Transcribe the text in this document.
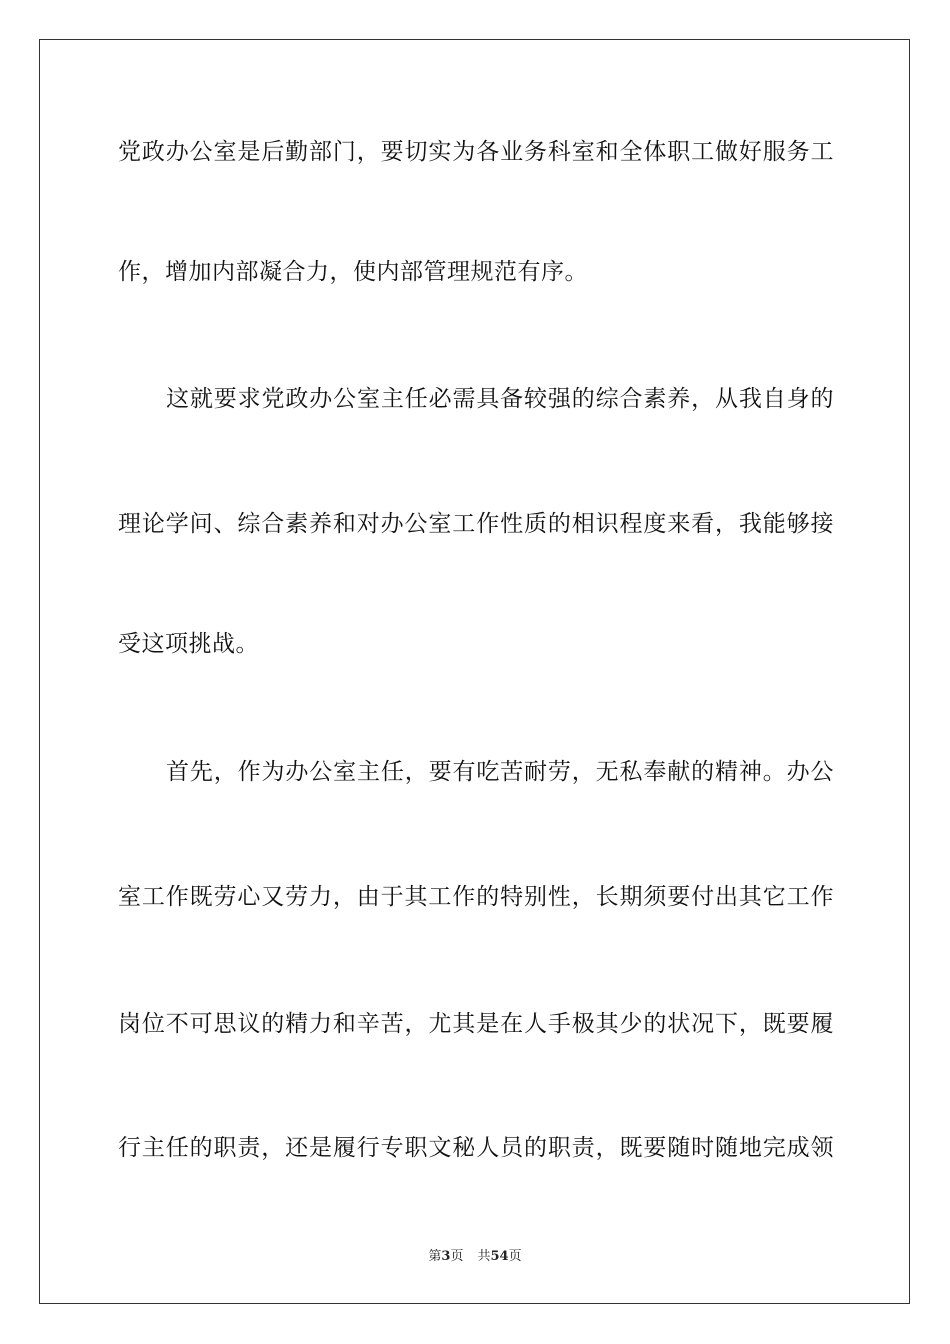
党政办公室是后勤部门，要切实为各业务科室和全体职工做好服务工
作，增加内部凝合力，使内部管理规范有序。
这就要求党政办公室主任必需具备较强的综合素养，从我自身的
理论学问、综合素养和对办公室工作性质的相识程度来看，我能够接
受这项挑战。
首先，作为办公室主任，要有吃苦耐劳，无私奉献的精神。办公
室工作既劳心又劳力，由于其工作的特别性，长期须要付出其它工作
岗位不可思议的精力和辛苦，尤其是在人手极其少的状况下，既要履
行主任的职责，还是履行专职文秘人员的职责，既要随时随地完成领
第3页 共54页
